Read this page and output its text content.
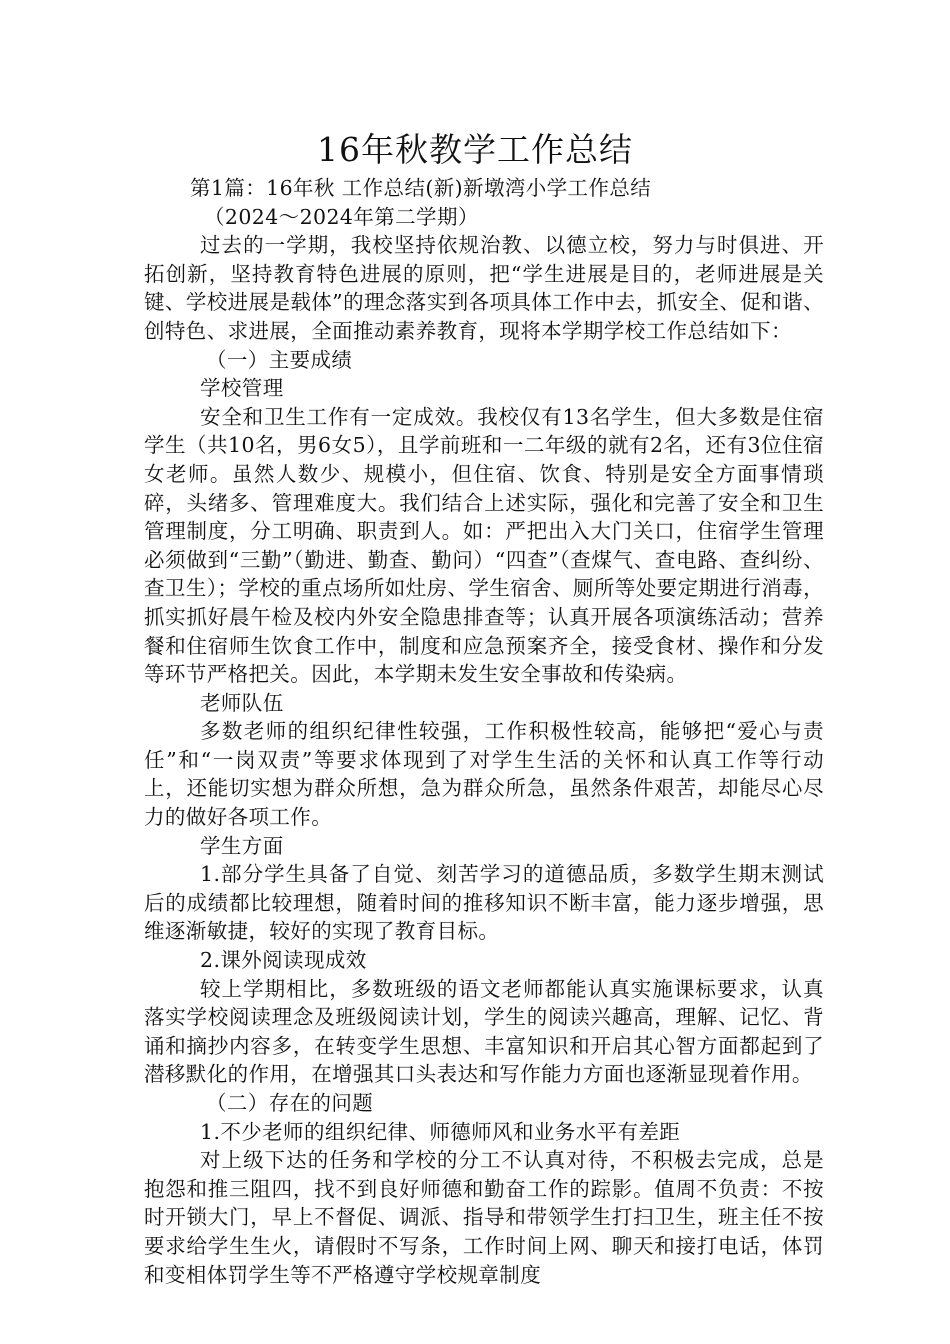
16年秋教学工作总结

第1篇：16年秋 工作总结(新)新墩湾小学工作总结

（2024～2024年第二学期）

过去的一学期，我校坚持依规治教、以德立校，努力与时俱进、开拓创新，坚持教育特色进展的原则，把“学生进展是目的，老师进展是关键、学校进展是载体”的理念落实到各项具体工作中去，抓安全、促和谐、创特色、求进展，全面推动素养教育，现将本学期学校工作总结如下：

（一）主要成绩

学校管理

安全和卫生工作有一定成效。我校仅有13名学生，但大多数是住宿学生（共10名，男6女5），且学前班和一二年级的就有2名，还有3位住宿女老师。虽然人数少、规模小，但住宿、饮食、特别是安全方面事情琐碎，头绪多、管理难度大。我们结合上述实际，强化和完善了安全和卫生管理制度，分工明确、职责到人。如：严把出入大门关口，住宿学生管理必须做到“三勤”（勤进、勤查、勤问）“四查”（查煤气、查电路、查纠纷、查卫生）；学校的重点场所如灶房、学生宿舍、厕所等处要定期进行消毒，抓实抓好晨午检及校内外安全隐患排查等；认真开展各项演练活动；营养餐和住宿师生饮食工作中，制度和应急预案齐全，接受食材、操作和分发等环节严格把关。因此，本学期未发生安全事故和传染病。

老师队伍

多数老师的组织纪律性较强，工作积极性较高，能够把“爱心与责任”和“一岗双责”等要求体现到了对学生生活的关怀和认真工作等行动上，还能切实想为群众所想，急为群众所急，虽然条件艰苦，却能尽心尽力的做好各项工作。

学生方面

1.部分学生具备了自觉、刻苦学习的道德品质，多数学生期末测试后的成绩都比较理想，随着时间的推移知识不断丰富，能力逐步增强，思维逐渐敏捷，较好的实现了教育目标。

2.课外阅读现成效

较上学期相比，多数班级的语文老师都能认真实施课标要求，认真落实学校阅读理念及班级阅读计划，学生的阅读兴趣高，理解、记忆、背诵和摘抄内容多，在转变学生思想、丰富知识和开启其心智方面都起到了潜移默化的作用，在增强其口头表达和写作能力方面也逐渐显现着作用。

（二）存在的问题

1.不少老师的组织纪律、师德师风和业务水平有差距

对上级下达的任务和学校的分工不认真对待，不积极去完成，总是抱怨和推三阻四，找不到良好师德和勤奋工作的踪影。值周不负责：不按时开锁大门，早上不督促、调派、指导和带领学生打扫卫生，班主任不按要求给学生生火，请假时不写条，工作时间上网、聊天和接打电话，体罚和变相体罚学生等不严格遵守学校规章制度
